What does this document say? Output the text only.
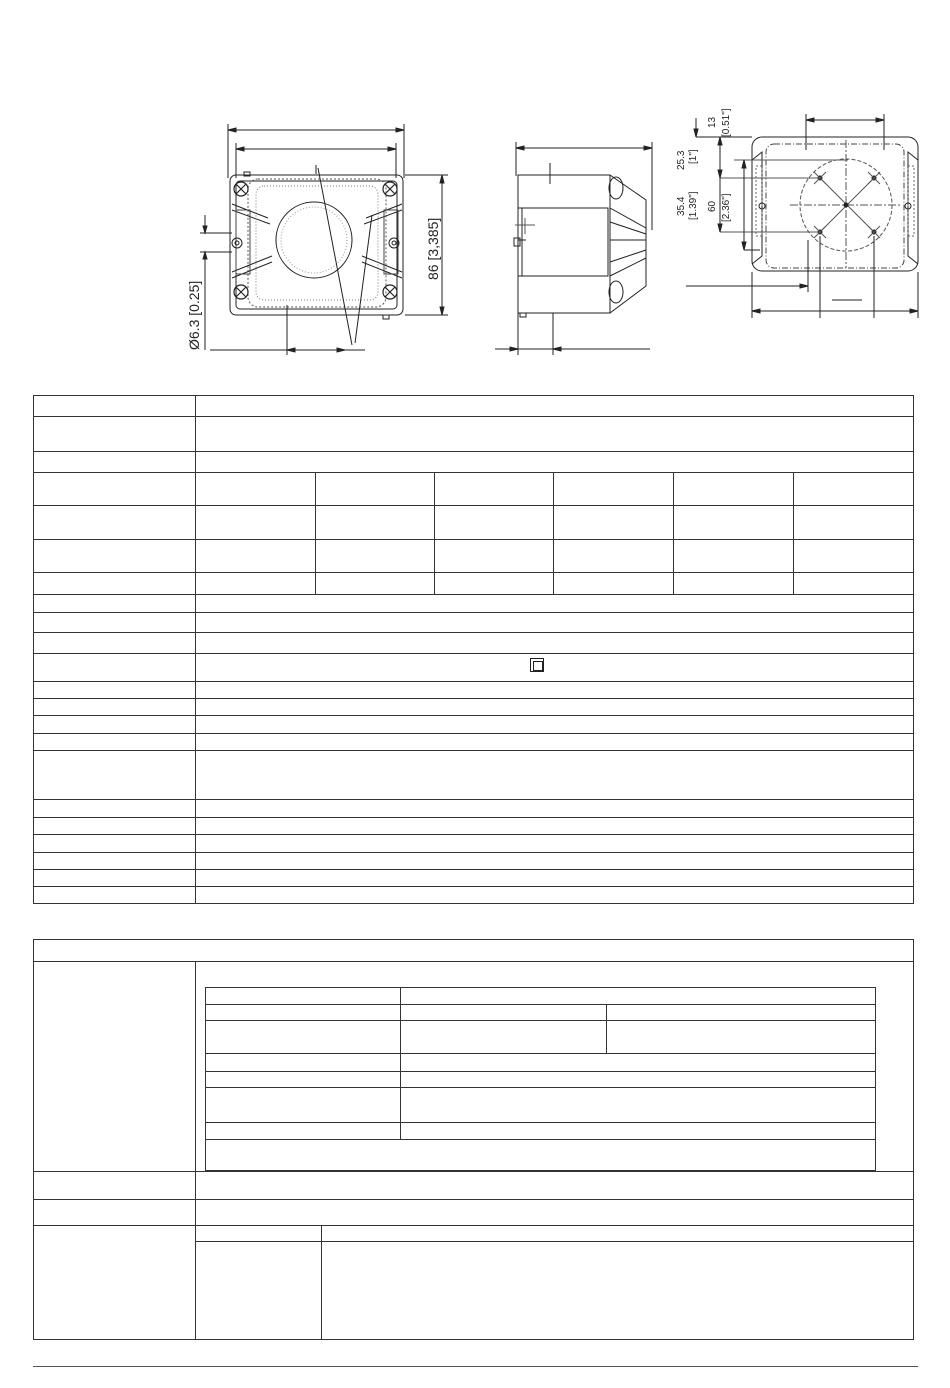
Ø6.3 [0.25]
86 [3,385]
13 [0.51"]
25.3 [1"]
35.4 [1.39"] 60 [2.36"]
